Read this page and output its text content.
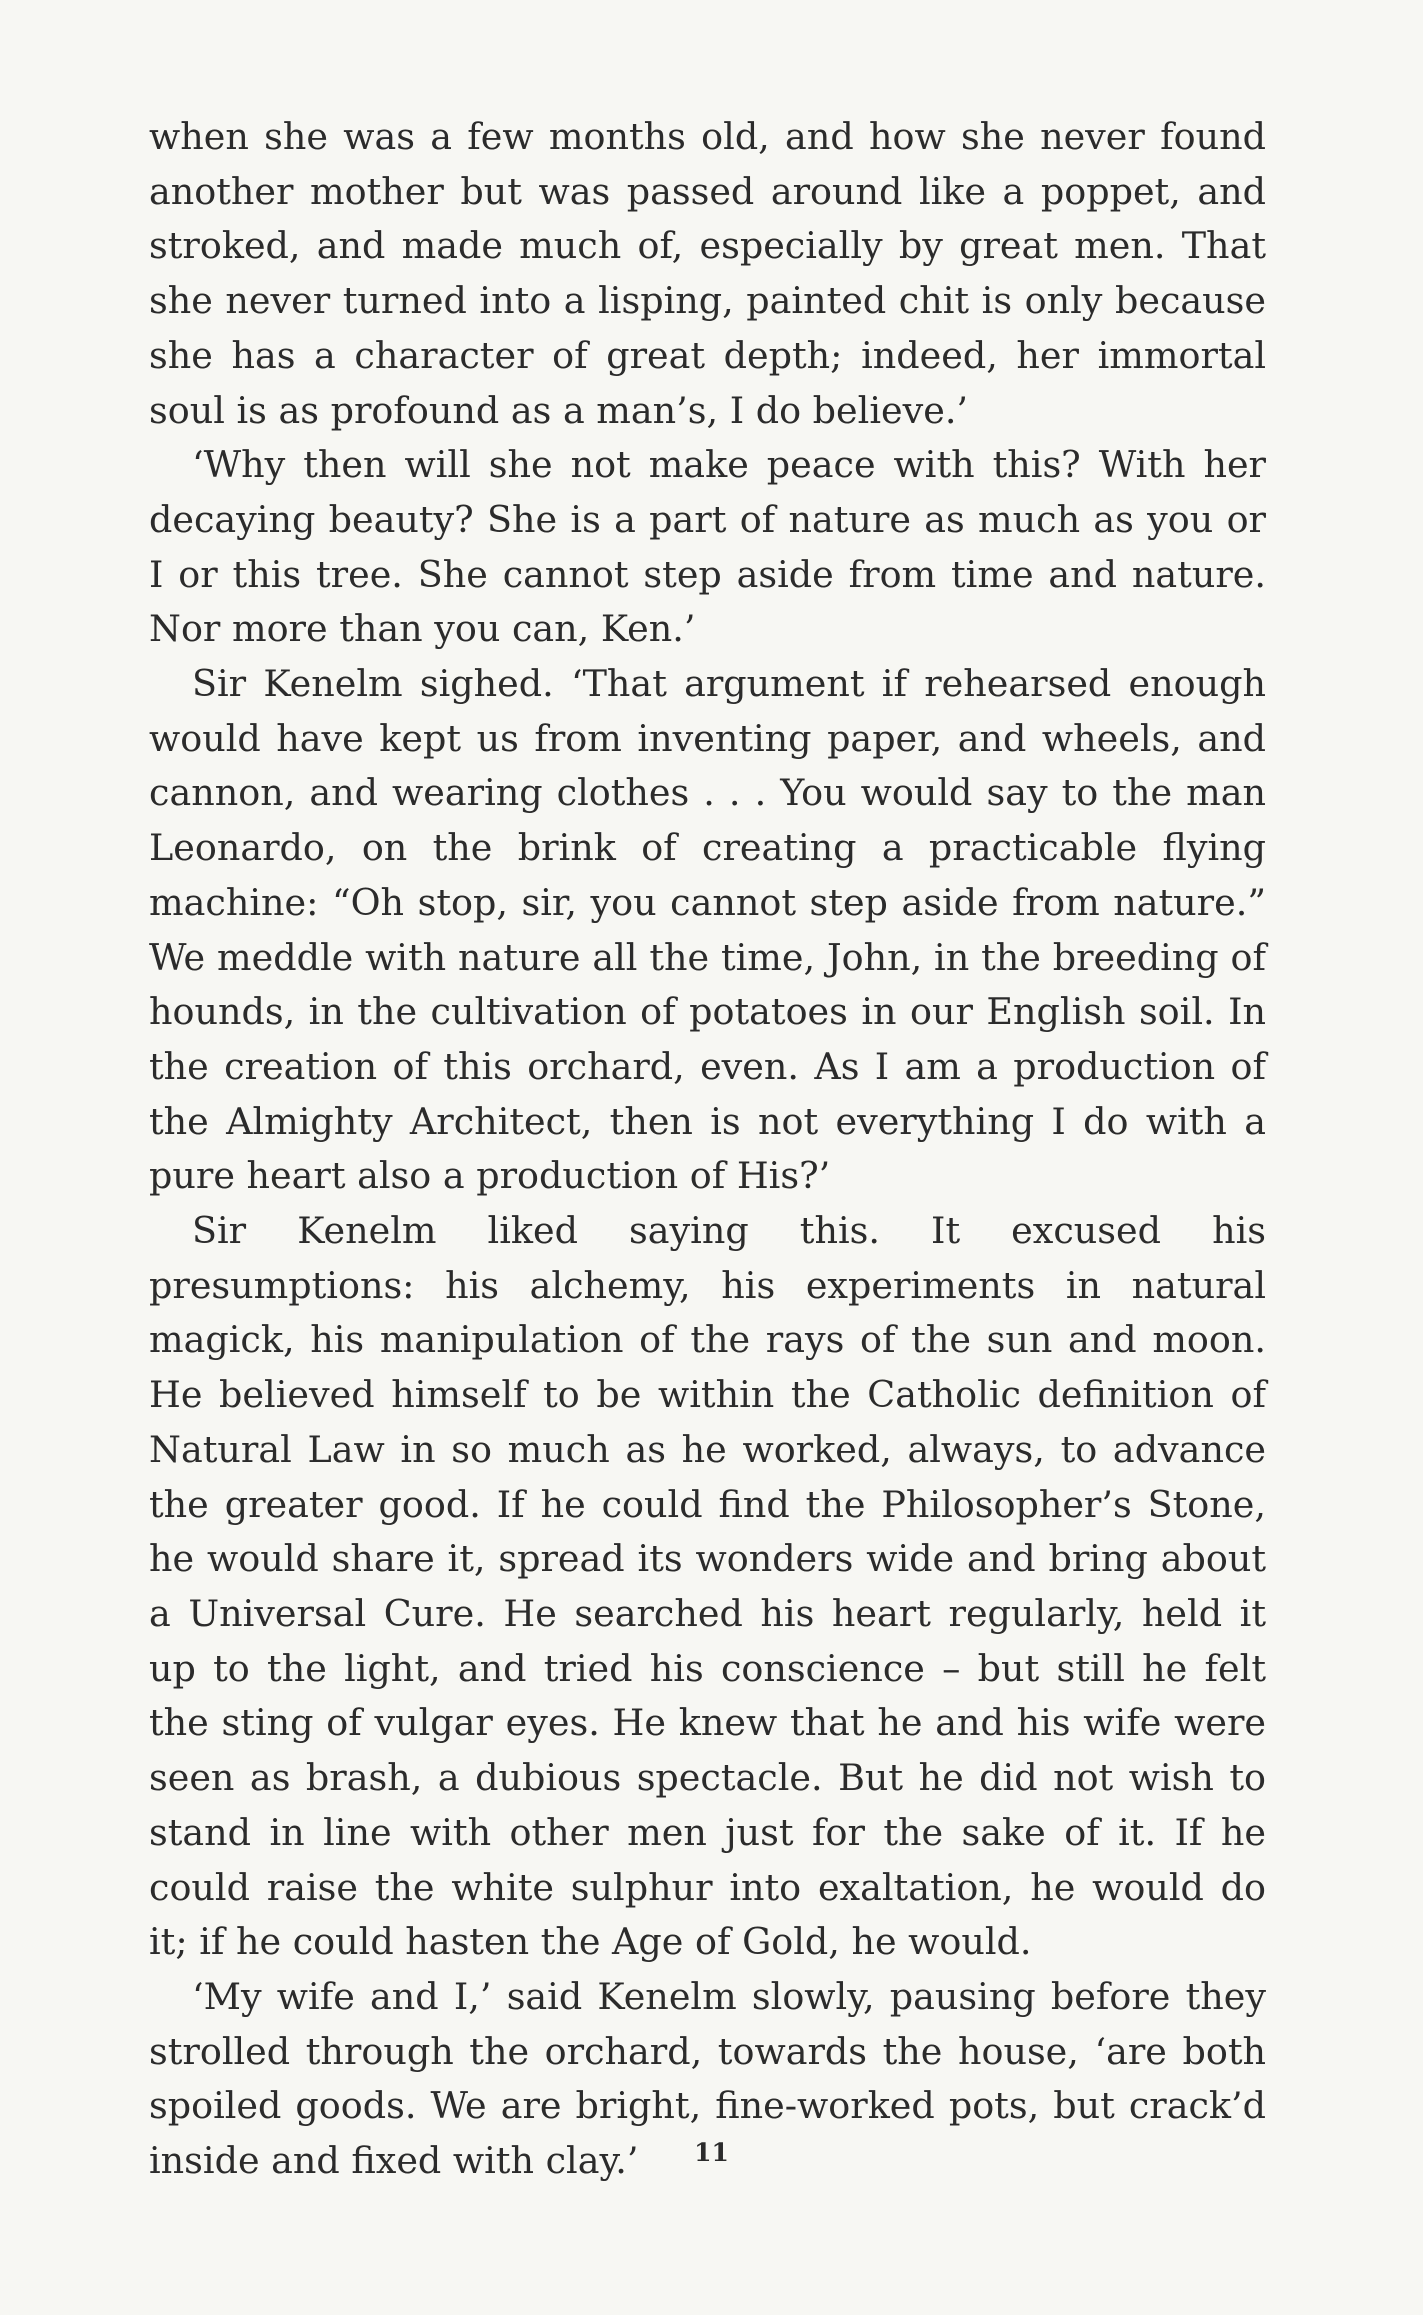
when she was a few months old, and how she never found another mother but was passed around like a poppet, and stroked, and made much of, especially by great men. That she never turned into a lisping, painted chit is only because she has a character of great depth; indeed, her immortal soul is as profound as a man’s, I do believe.’

‘Why then will she not make peace with this? With her decaying beauty? She is a part of nature as much as you or I or this tree. She cannot step aside from time and nature. Nor more than you can, Ken.’

Sir Kenelm sighed. ‘That argument if rehearsed enough would have kept us from inventing paper, and wheels, and cannon, and wearing clothes . . . You would say to the man Leonardo, on the brink of creating a practicable flying machine: “Oh stop, sir, you cannot step aside from nature.” We meddle with nature all the time, John, in the breeding of hounds, in the cultivation of potatoes in our English soil. In the creation of this orchard, even. As I am a production of the Almighty Architect, then is not everything I do with a pure heart also a production of His?’

Sir Kenelm liked saying this. It excused his presumptions: his alchemy, his experiments in natural magick, his manipulation of the rays of the sun and moon. He believed himself to be within the Catholic definition of Natural Law in so much as he worked, always, to advance the greater good. If he could find the Philosopher’s Stone, he would share it, spread its wonders wide and bring about a Universal Cure. He searched his heart regularly, held it up to the light, and tried his conscience – but still he felt the sting of vulgar eyes. He knew that he and his wife were seen as brash, a dubious spectacle. But he did not wish to stand in line with other men just for the sake of it. If he could raise the white sulphur into exaltation, he would do it; if he could hasten the Age of Gold, he would.

‘My wife and I,’ said Kenelm slowly, pausing before they strolled through the orchard, towards the house, ‘are both spoiled goods. We are bright, fine-worked pots, but crack’d inside and fixed with clay.’	11
